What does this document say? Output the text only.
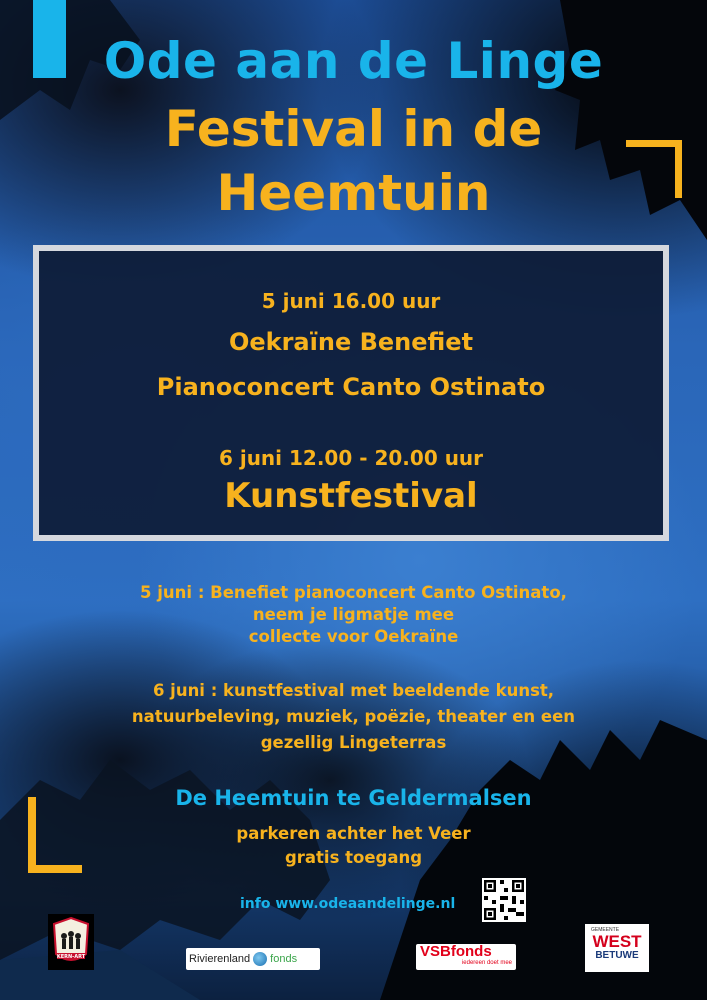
Ode aan de Linge
Festival in de
Heemtuin
5 juni 16.00 uur
Oekraïne Benefiet
Pianoconcert Canto Ostinato
6 juni 12.00 - 20.00 uur
Kunstfestival
5 juni : Benefiet pianoconcert Canto Ostinato,
neem je ligmatje mee
collecte voor Oekraïne
6 juni : kunstfestival met beeldende kunst,
natuurbeleving, muziek, poëzie, theater en een
gezellig Lingeterras
De Heemtuin te Geldermalsen
parkeren achter het Veer
gratis toegang
info www.odeaandelinge.nl
KERN-ART	Rivierenland fonds	VSBfonds
iedereen doet mee
GEMEENTE
WEST
BETUWE
